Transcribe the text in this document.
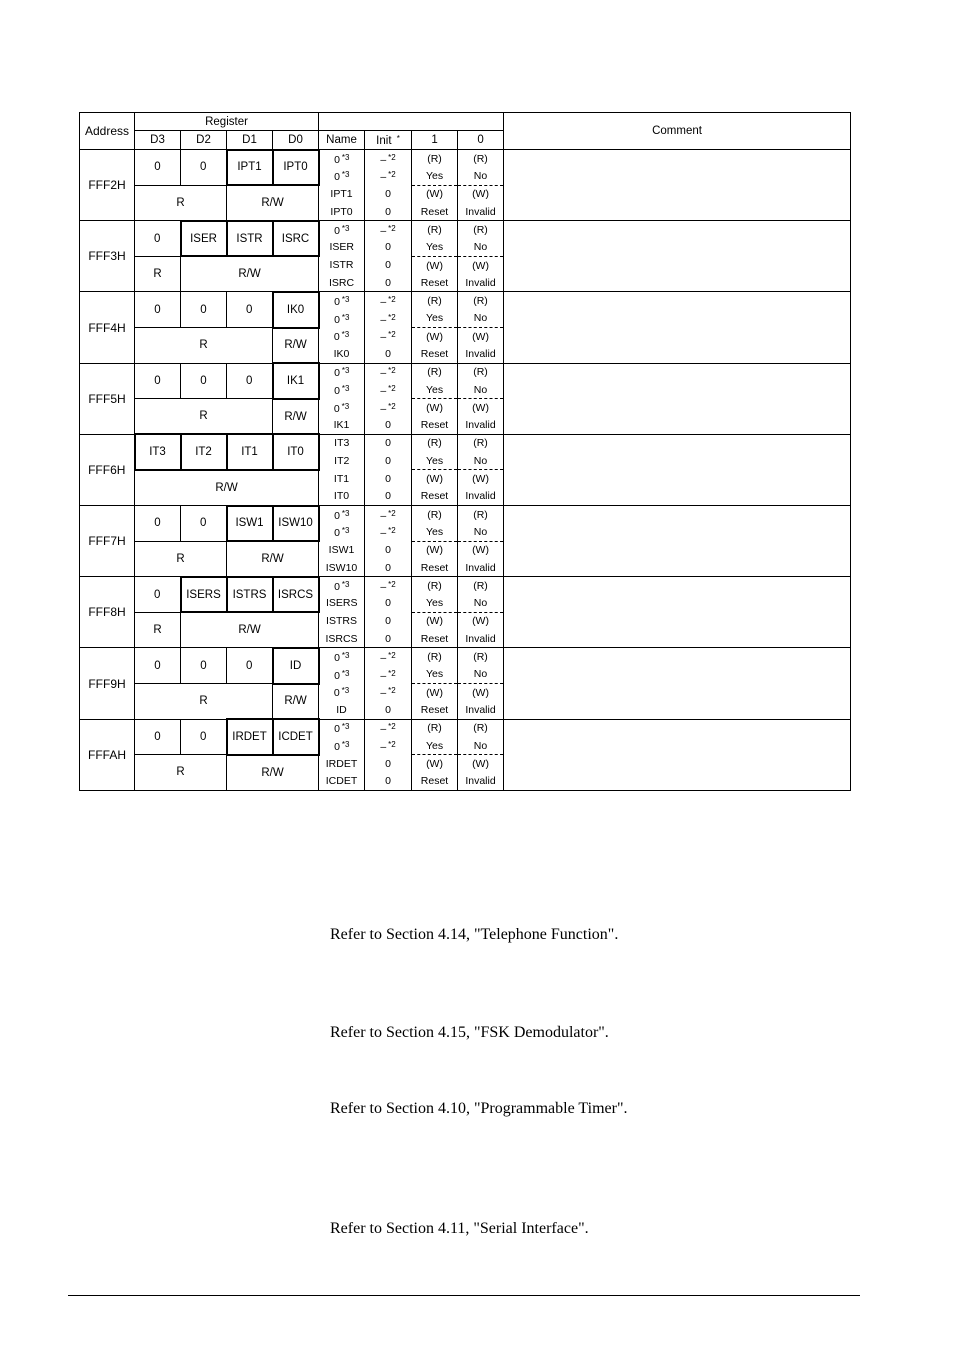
Address	Register								Comment
	D3	D2	D1	D0	Name	Init *	1	0	
FFF2H	0	0	IPT1	IPT0	0 $^{*3}$	– $^{*2}$	(R)	(R)	
					0 $^{*3}$	– $^{*2}$	Yes	No	
	R		R/W		IPT1	0	(W)	(W)	
					IPT0	0	Reset	Invalid	
FFF3H	0	ISER	ISTR	ISRC	0 $^{*3}$	– $^{*2}$	(R)	(R)	
					ISER	0	Yes	No	
	R	R/W			ISTR	0	(W)	(W)	
					ISRC	0	Reset	Invalid	
FFF4H	0	0	0	IK0	0 $^{*3}$	– $^{*2}$	(R)	(R)	
					0 $^{*3}$	– $^{*2}$	Yes	No	
	R			R/W	0 $^{*3}$	– $^{*2}$	(W)	(W)	
					IK0	0	Reset	Invalid	
FFF5H	0	0	0	IK1	0 $^{*3}$	– $^{*2}$	(R)	(R)	
					0 $^{*3}$	– $^{*2}$	Yes	No	
	R			R/W	0 $^{*3}$	– $^{*2}$	(W)	(W)	
					IK1	0	Reset	Invalid	
FFF6H	IT3	IT2	IT1	IT0	IT3	0	(R)	(R)	
					IT2	0	Yes	No	
	R/W				IT1	0	(W)	(W)	
					IT0	0	Reset	Invalid	
FFF7H	0	0	ISW1	ISW10	0 $^{*3}$	– $^{*2}$	(R)	(R)	
					0 $^{*3}$	– $^{*2}$	Yes	No	
	R		R/W		ISW1	0	(W)	(W)	
					ISW10	0	Reset	Invalid	
FFF8H	0	ISERS	ISTRS	ISRCS	0 $^{*3}$	– $^{*2}$	(R)	(R)	
					ISERS	0	Yes	No	
	R	R/W			ISTRS	0	(W)	(W)	
					ISRCS	0	Reset	Invalid	
FFF9H	0	0	0	ID	0 $^{*3}$	– $^{*2}$	(R)	(R)	
					0 $^{*3}$	– $^{*2}$	Yes	No	
	R			R/W	0 $^{*3}$	– $^{*2}$	(W)	(W)	
					ID	0	Reset	Invalid	
FFFAH	0	0	IRDET	ICDET	0 $^{*3}$	– $^{*2}$	(R)	(R)	
					0 $^{*3}$	– $^{*2}$	Yes	No	
	R		R/W		IRDET	0	(W)	(W)	
					ICDET	0	Reset	Invalid	
Refer to Section 4.14, "Telephone Function".
Refer to Section 4.15, "FSK Demodulator".
Refer to Section 4.10, "Programmable Timer".
Refer to Section 4.11, "Serial Interface".
